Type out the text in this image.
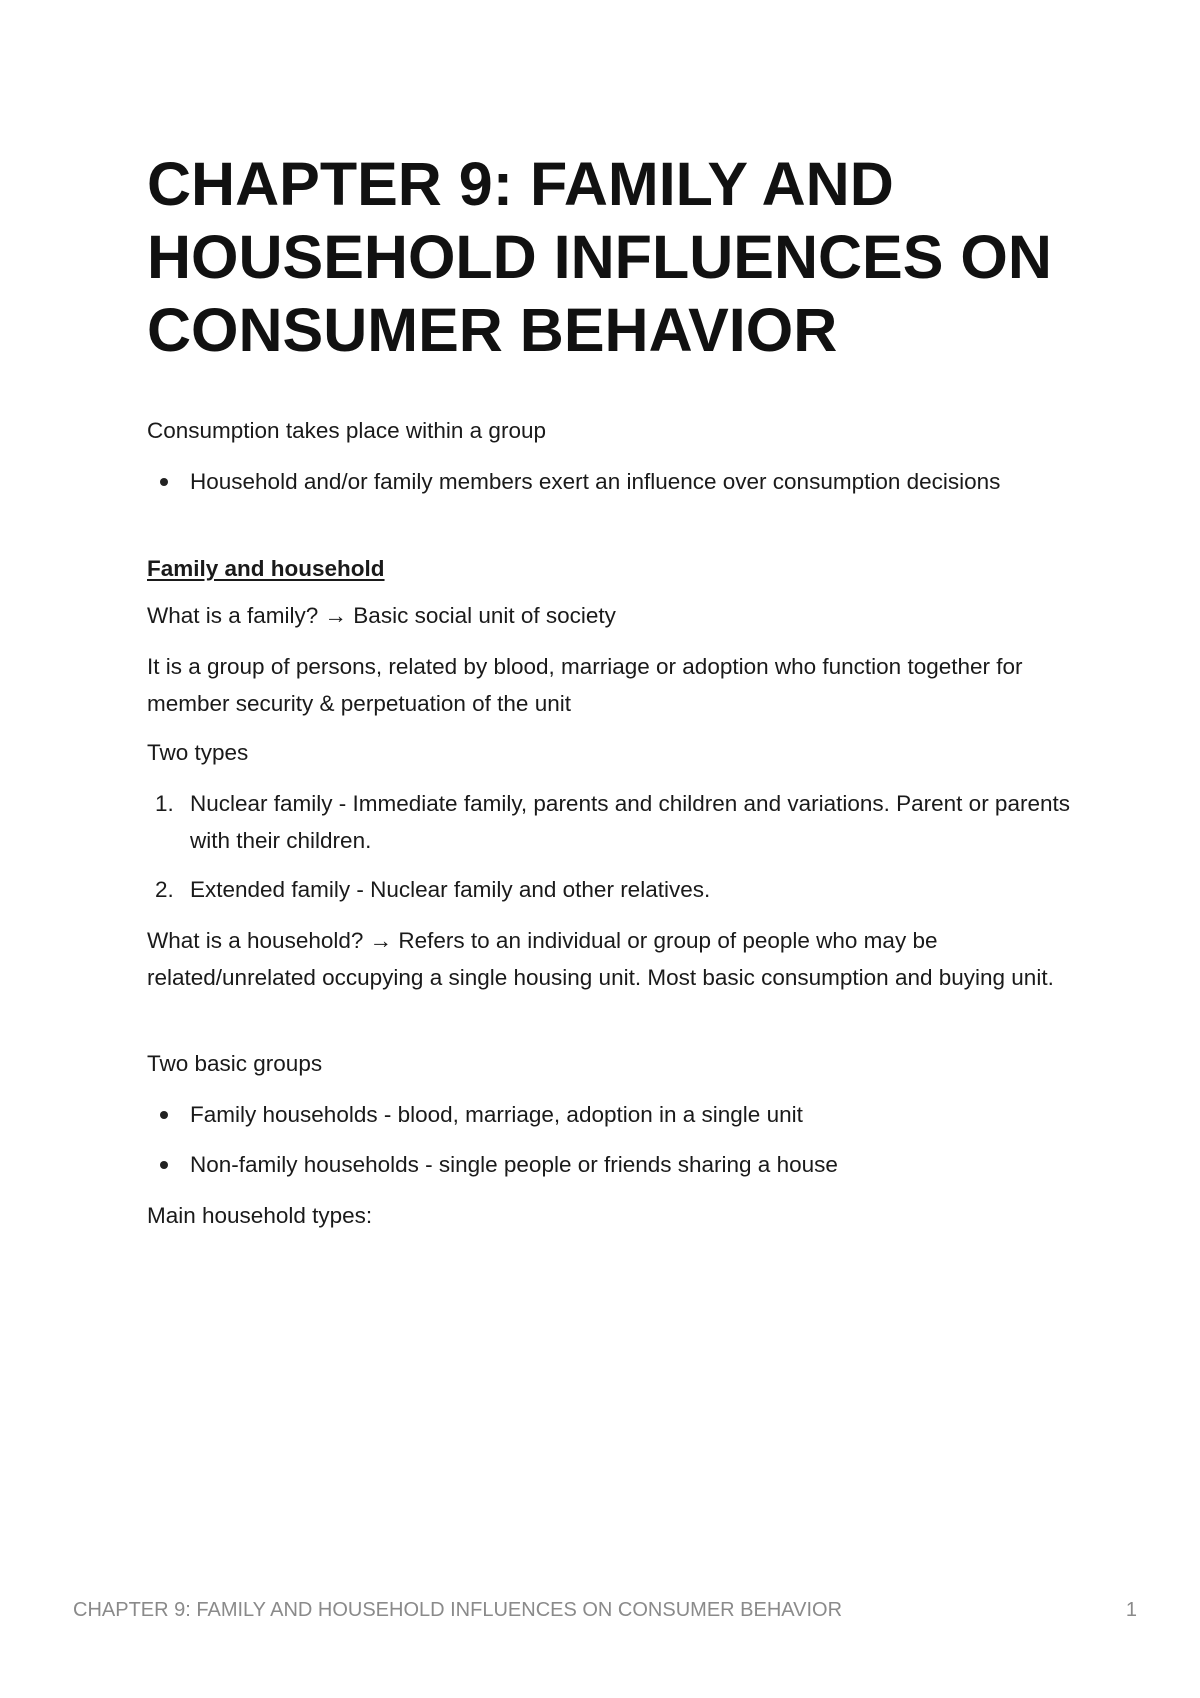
CHAPTER 9: FAMILY AND HOUSEHOLD INFLUENCES ON CONSUMER BEHAVIOR

Consumption takes place within a group

Household and/or family members exert an influence over consumption decisions

Family and household

What is a family? → Basic social unit of society

It is a group of persons, related by blood, marriage or adoption who function together for member security & perpetuation of the unit

Two types

1. Nuclear family - Immediate family, parents and children and variations. Parent or parents with their children.

2. Extended family - Nuclear family and other relatives.

What is a household? → Refers to an individual or group of people who may be related/unrelated occupying a single housing unit. Most basic consumption and buying unit.

Two basic groups

Family households - blood, marriage, adoption in a single unit

Non-family households - single people or friends sharing a house

Main household types:

CHAPTER 9: FAMILY AND HOUSEHOLD INFLUENCES ON CONSUMER BEHAVIOR	1
